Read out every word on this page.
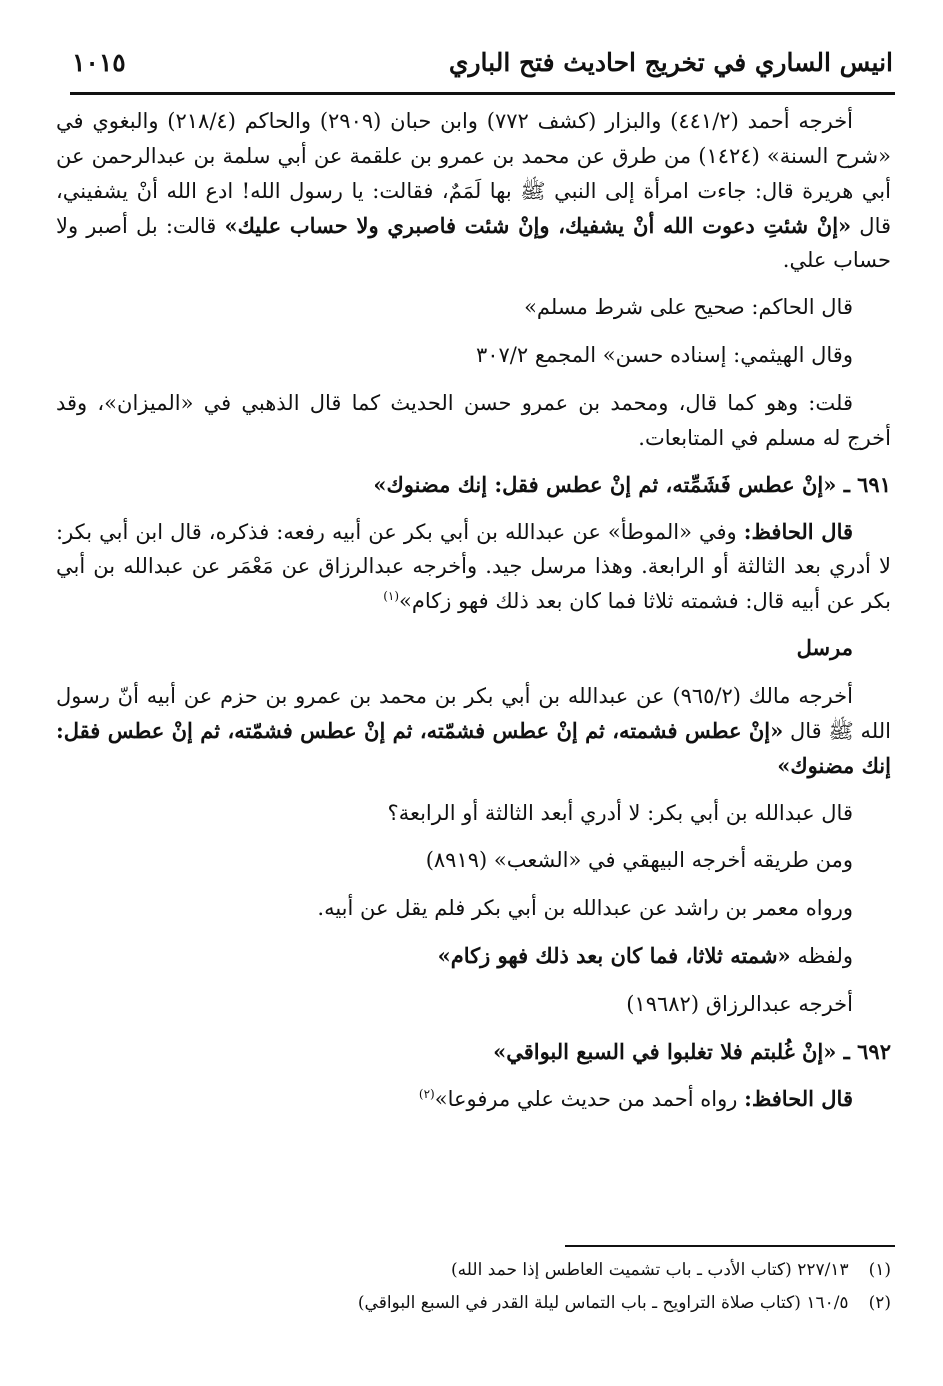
انيس الساري في تخريج احاديث فتح الباري
١٠١٥

أخرجه أحمد (٤٤١/٢) والبزار (كشف ٧٧٢) وابن حبان (٢٩٠٩) والحاكم (٢١٨/٤) والبغوي في «شرح السنة» (١٤٢٤) من طرق عن محمد بن عمرو بن علقمة عن أبي سلمة بن عبدالرحمن عن أبي هريرة قال: جاءت امرأة إلى النبي ﷺ بها لَمَمٌ، فقالت: يا رسول الله! ادع الله أنْ يشفيني، قال «إنْ شئتِ دعوت الله أنْ يشفيك، وإنْ شئت فاصبري ولا حساب عليك» قالت: بل أصبر ولا حساب علي.

قال الحاكم: صحيح على شرط مسلم»

وقال الهيثمي: إسناده حسن» المجمع ٣٠٧/٢

قلت: وهو كما قال، ومحمد بن عمرو حسن الحديث كما قال الذهبي في «الميزان»، وقد أخرج له مسلم في المتابعات.

٦٩١ ـ «إنْ عطس فَشَمِّته، ثم إنْ عطس فقل: إنك مضنوك»

قال الحافظ: وفي «الموطأ» عن عبدالله بن أبي بكر عن أبيه رفعه: فذكره، قال ابن أبي بكر: لا أدري بعد الثالثة أو الرابعة. وهذا مرسل جيد. وأخرجه عبدالرزاق عن مَعْمَر عن عبدالله بن أبي بكر عن أبيه قال: فشمته ثلاثا فما كان بعد ذلك فهو زكام»$^{(١)}$

مرسل

أخرجه مالك (٩٦٥/٢) عن عبدالله بن أبي بكر بن محمد بن عمرو بن حزم عن أبيه أنّ رسول الله ﷺ قال «إنْ عطس فشمته، ثم إنْ عطس فشمّته، ثم إنْ عطس فشمّته، ثم إنْ عطس فقل: إنك مضنوك»

قال عبدالله بن أبي بكر: لا أدري أبعد الثالثة أو الرابعة؟

ومن طريقه أخرجه البيهقي في «الشعب» (٨٩١٩)

ورواه معمر بن راشد عن عبدالله بن أبي بكر فلم يقل عن أبيه.

ولفظه «شمته ثلاثا، فما كان بعد ذلك فهو زكام»

أخرجه عبدالرزاق (١٩٦٨٢)

٦٩٢ ـ «إنْ غُلبتم فلا تغلبوا في السبع البواقي»

قال الحافظ: رواه أحمد من حديث علي مرفوعا»$^{(٢)}$

(١)
٢٢٧/١٣ (كتاب الأدب ـ باب تشميت العاطس إذا حمد الله)
(٢)
١٦٠/٥ (كتاب صلاة التراويح ـ باب التماس ليلة القدر في السبع البواقي)
